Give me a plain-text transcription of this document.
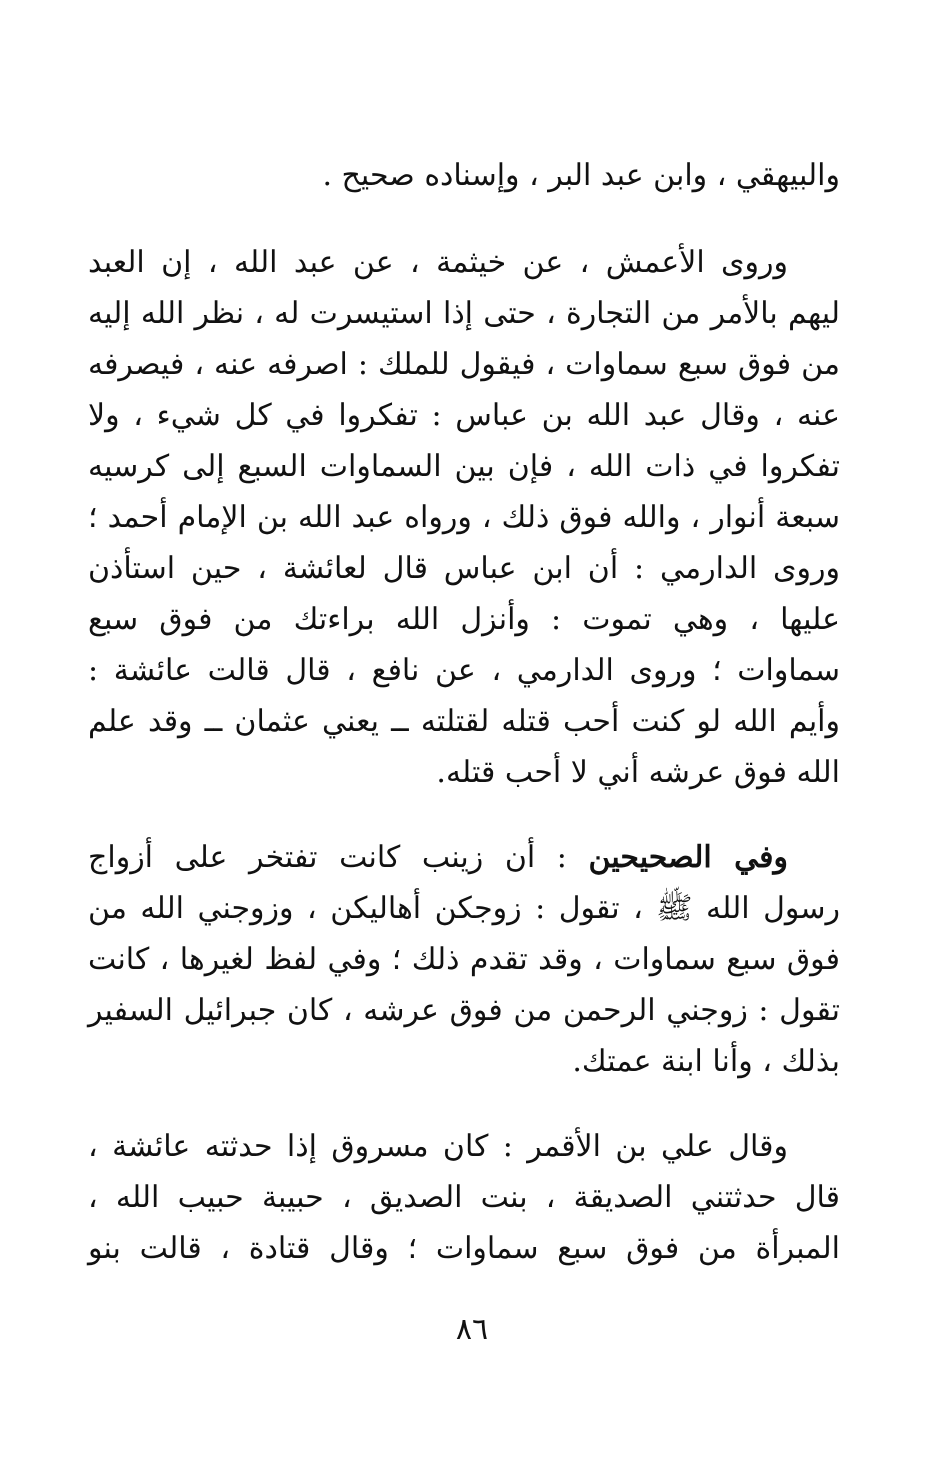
والبيهقي ، وابن عبد البر ، وإسناده صحيح .

وروى الأعمش ، عن خيثمة ، عن عبد الله ، إن العبد
ليهم بالأمر من التجارة ، حتى إذا استيسرت له ، نظر الله إليه
من فوق سبع سماوات ، فيقول للملك : اصرفه عنه ، فيصرفه
عنه ، وقال عبد الله بن عباس : تفكروا في كل شيء ، ولا
تفكروا في ذات الله ، فإن بين السماوات السبع إلى كرسيه
سبعة أنوار ، والله فوق ذلك ، ورواه عبد الله بن الإمام أحمد ؛
وروى الدارمي : أن ابن عباس قال لعائشة ، حين استأذن
عليها ، وهي تموت : وأنزل الله براءتك من فوق سبع
سماوات ؛ وروى الدارمي ، عن نافع ، قال قالت عائشة :
وأيم الله لو كنت أحب قتله لقتلته ــ يعني عثمان ــ وقد علم
الله فوق عرشه أني لا أحب قتله.

وفي الصحيحين : أن زينب كانت تفتخر على أزواج
رسول الله ﷺ ، تقول : زوجكن أهاليكن ، وزوجني الله من
فوق سبع سماوات ، وقد تقدم ذلك ؛ وفي لفظ لغيرها ، كانت
تقول : زوجني الرحمن من فوق عرشه ، كان جبرائيل السفير
بذلك ، وأنا ابنة عمتك.

وقال علي بن الأقمر : كان مسروق إذا حدثته عائشة ،
قال حدثتني الصديقة ، بنت الصديق ، حبيبة حبيب الله ،
المبرأة من فوق سبع سماوات ؛ وقال قتادة ، قالت بنو

٨٦
